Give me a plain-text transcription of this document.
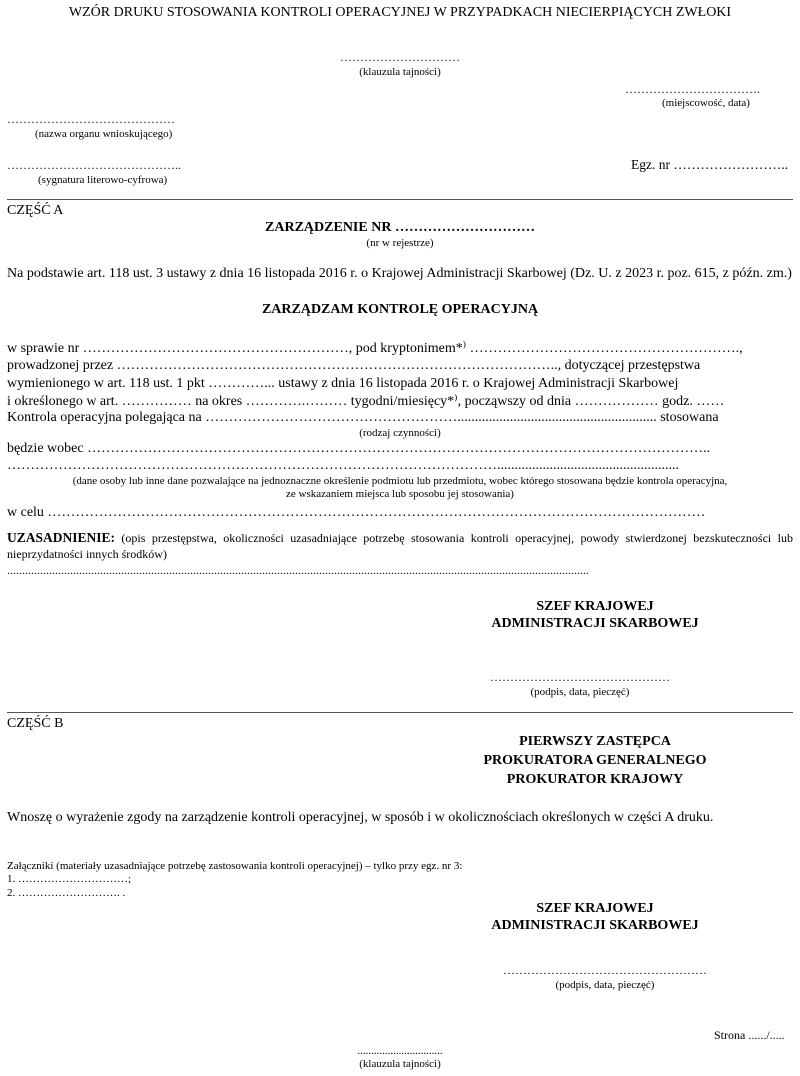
WZÓR DRUKU STOSOWANIA KONTROLI OPERACYJNEJ W PRZYPADKACH NIECIERPIĄCYCH ZWŁOKI
…………………………
(klauzula tajności)
…………………………….
(miejscowość, data)
……………………………………
(nazwa organu wnioskującego)
……………………………………..
(sygnatura literowo-cyfrowa)
Egz. nr ……………………..
CZĘŚĆ A
ZARZĄDZENIE NR …………………………
(nr w rejestrze)
Na podstawie art. 118 ust. 3 ustawy z dnia 16 listopada 2016 r. o Krajowej Administracji Skarbowej (Dz. U. z 2023 r. poz. 615, z późn. zm.)
ZARZĄDZAM KONTROLĘ OPERACYJNĄ
w sprawie nr …………………………………………………, pod kryptonimem*⁾ ………………………………………………….,
prowadzonej przez ………………………………………………………………………………….., dotyczącej przestępstwa
wymienionego w art. 118 ust. 1 pkt …………... ustawy z dnia 16 listopada 2016 r. o Krajowej Administracji Skarbowej
i określonego w art. …………… na okres ………….……… tygodni/miesięcy*⁾, począwszy od dnia ……………… godz. ……
Kontrola operacyjna polegająca na ………………………………………………......................................................... stosowana
(rodzaj czynności)
będzie wobec ……………………………………………………………………………………………………………………..
……………………………………………………………………………………………....................................................
(dane osoby lub inne dane pozwalające na jednoznaczne określenie podmiotu lub przedmiotu, wobec którego stosowana będzie kontrola operacyjna,
ze wskazaniem miejsca lub sposobu jej stosowania)
w celu ……………………………………………………………………………………………………………………………
UZASADNIENIE: (opis przestępstwa, okoliczności uzasadniające potrzebę stosowania kontroli operacyjnej, powody stwierdzonej bezskuteczności lub nieprzydatności innych środków)
..................................................................................................................................................................................................
SZEF KRAJOWEJ
ADMINISTRACJI SKARBOWEJ
………………………………………
(podpis, data, pieczęć)
CZĘŚĆ B
PIERWSZY ZASTĘPCA
PROKURATORA GENERALNEGO
PROKURATOR KRAJOWY
Wnoszę o wyrażenie zgody na zarządzenie kontroli operacyjnej, w sposób i w okolicznościach określonych w części A druku.
Załączniki (materiały uzasadniające potrzebę zastosowania kontroli operacyjnej) – tylko przy egz. nr 3:
1. …………………………;
2. ………………………. .
SZEF KRAJOWEJ
ADMINISTRACJI SKARBOWEJ
……………………………………………
(podpis, data, pieczęć)
Strona ....../.....
...............................
(klauzula tajności)
